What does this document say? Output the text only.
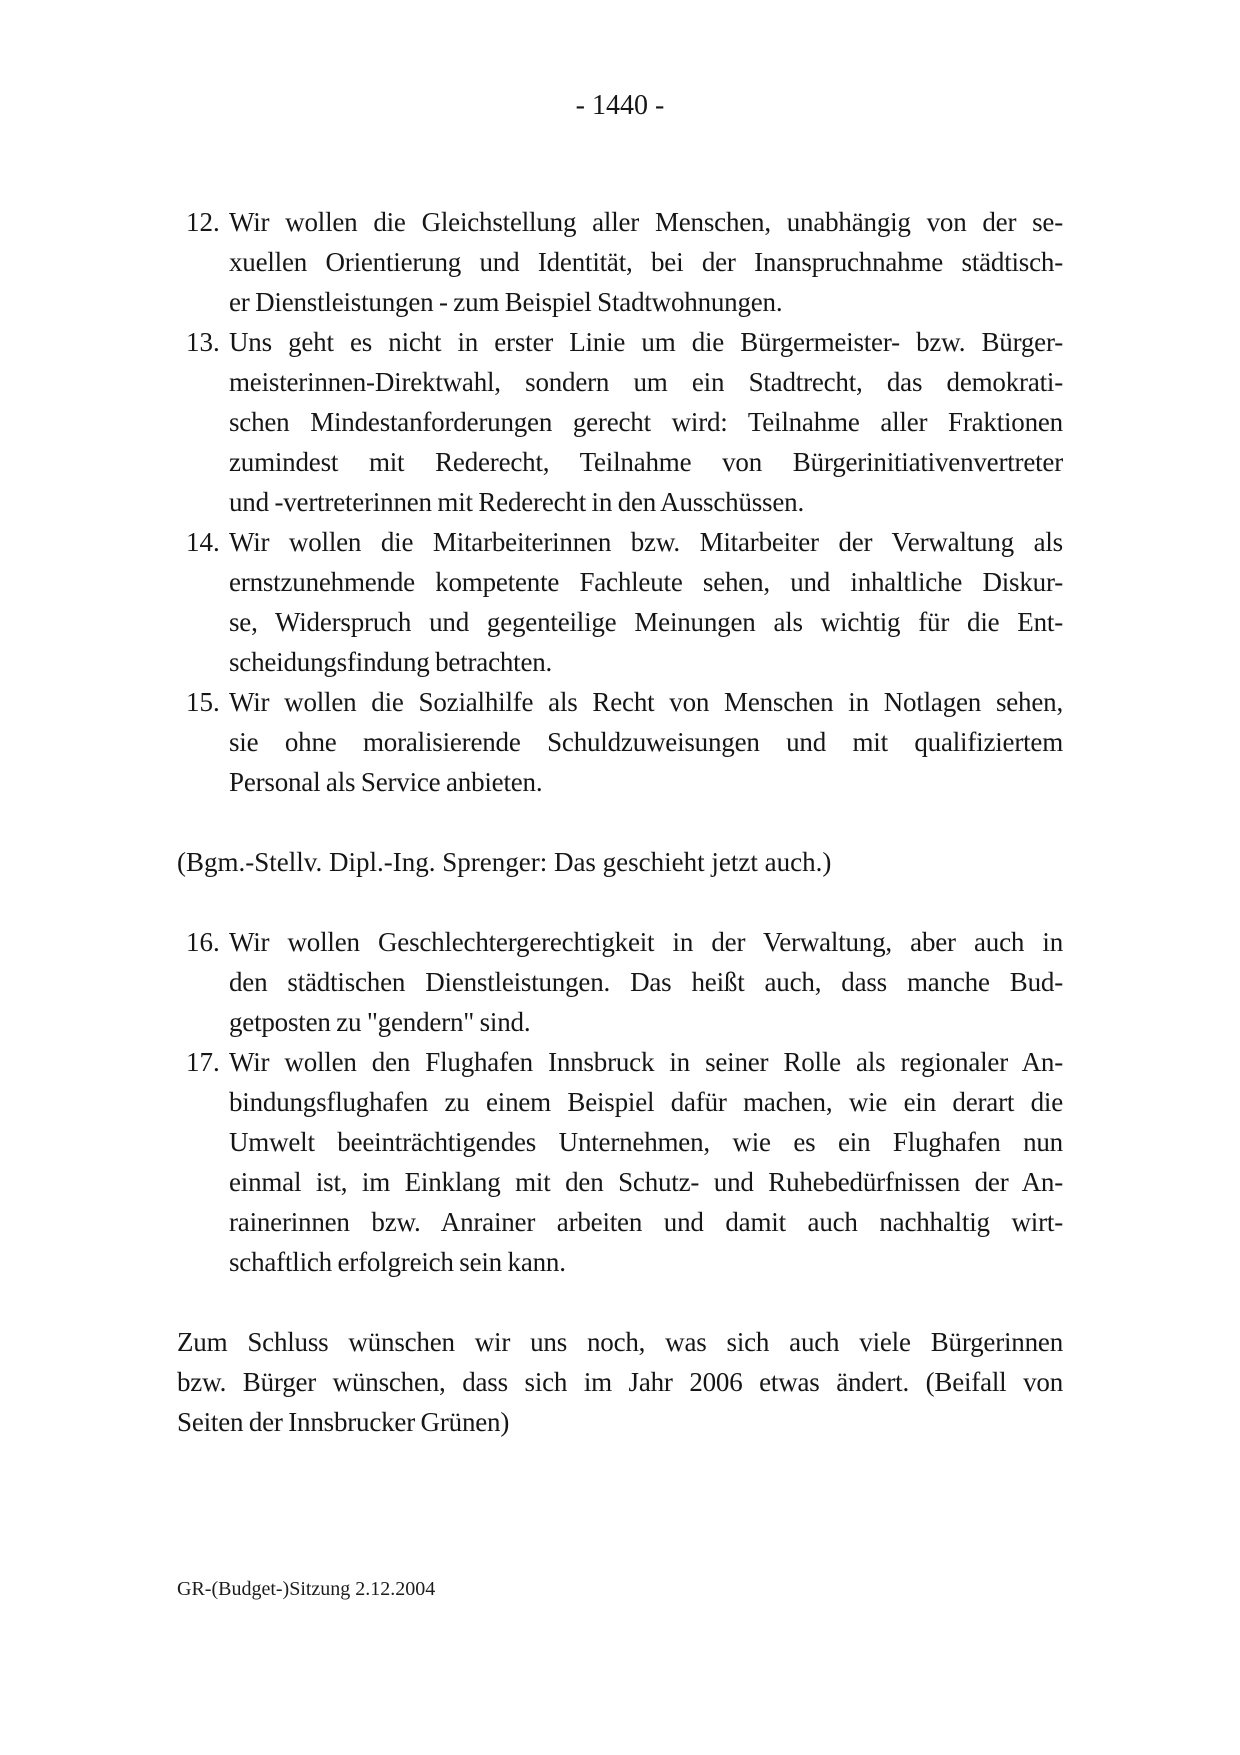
- 1440 -
12. Wir wollen die Gleichstellung aller Menschen, unabhängig von der se-
xuellen Orientierung und Identität, bei der Inanspruchnahme städtisch-
er Dienstleistungen - zum Beispiel Stadtwohnungen.
13. Uns geht es nicht in erster Linie um die Bürgermeister- bzw. Bürger-
meisterinnen-Direktwahl, sondern um ein Stadtrecht, das demokrati-
schen Mindestanforderungen gerecht wird: Teilnahme aller Fraktionen
zumindest mit Rederecht, Teilnahme von Bürgerinitiativenvertreter
und -vertreterinnen mit Rederecht in den Ausschüssen.
14. Wir wollen die Mitarbeiterinnen bzw. Mitarbeiter der Verwaltung als
ernstzunehmende kompetente Fachleute sehen, und inhaltliche Diskur-
se, Widerspruch und gegenteilige Meinungen als wichtig für die Ent-
scheidungsfindung betrachten.
15. Wir wollen die Sozialhilfe als Recht von Menschen in Notlagen sehen,
sie ohne moralisierende Schuldzuweisungen und mit qualifiziertem
Personal als Service anbieten.

(Bgm.-Stellv. Dipl.-Ing. Sprenger: Das geschieht jetzt auch.)

16. Wir wollen Geschlechtergerechtigkeit in der Verwaltung, aber auch in
den städtischen Dienstleistungen. Das heißt auch, dass manche Bud-
getposten zu "gendern" sind.
17. Wir wollen den Flughafen Innsbruck in seiner Rolle als regionaler An-
bindungsflughafen zu einem Beispiel dafür machen, wie ein derart die
Umwelt beeinträchtigendes Unternehmen, wie es ein Flughafen nun
einmal ist, im Einklang mit den Schutz- und Ruhebedürfnissen der An-
rainerinnen bzw. Anrainer arbeiten und damit auch nachhaltig wirt-
schaftlich erfolgreich sein kann.
Zum Schluss wünschen wir uns noch, was sich auch viele Bürgerinnen
bzw. Bürger wünschen, dass sich im Jahr 2006 etwas ändert. (Beifall von
Seiten der Innsbrucker Grünen)
GR-(Budget-)Sitzung 2.12.2004
